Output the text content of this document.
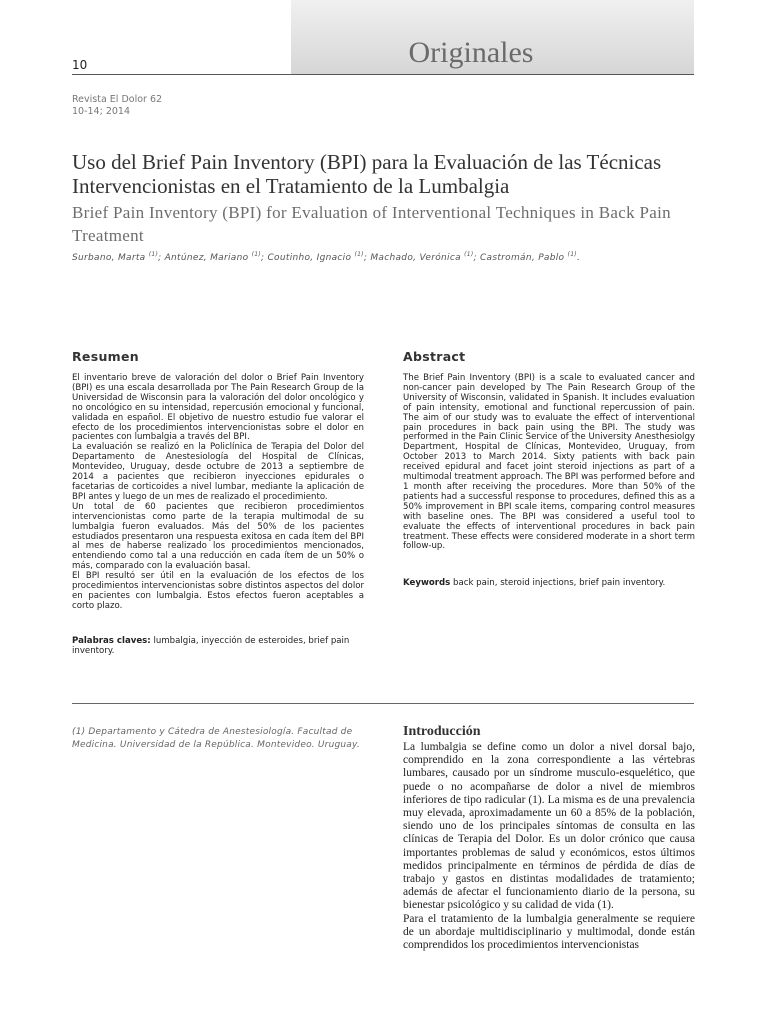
10	Originales
Revista El Dolor 62
10-14; 2014
Uso del Brief Pain Inventory (BPI) para la Evaluación de las Técnicas Intervencionistas en el Tratamiento de la Lumbalgia
Brief Pain Inventory (BPI) for Evaluation of Interventional Techniques in Back Pain Treatment
Surbano, Marta $^{(1)}$; Antúnez, Mariano $^{(1)}$; Coutinho, Ignacio $^{(1)}$; Machado, Verónica $^{(1)}$; Castromán, Pablo $^{(1)}$.
Resumen	Abstract

El inventario breve de valoración del dolor o Brief Pain Inventory (BPI) es una escala desarrollada por The Pain Research Group de la Universidad de Wisconsin para la valoración del dolor oncológico y no oncológico en su intensidad, repercusión emocional y funcional, validada en español. El objetivo de nuestro estudio fue valorar el efecto de los procedimientos intervencionistas sobre el dolor en pacientes con lumbalgia a través del BPI.

La evaluación se realizó en la Policlínica de Terapia del Dolor del Departamento de Anestesiología del Hospital de Clínicas, Montevideo, Uruguay, desde octubre de 2013 a septiembre de 2014 a pacientes que recibieron inyecciones epidurales o facetarias de corticoides a nivel lumbar, mediante la aplicación de BPI antes y luego de un mes de realizado el procedimiento.

Un total de 60 pacientes que recibieron procedimientos intervencionistas como parte de la terapia multimodal de su lumbalgia fueron evaluados. Más del 50% de los pacientes estudiados presentaron una respuesta exitosa en cada ítem del BPI al mes de haberse realizado los procedimientos mencionados, entendiendo como tal a una reducción en cada ítem de un 50% o más, comparado con la evaluación basal.

El BPI resultó ser útil en la evaluación de los efectos de los procedimientos intervencionistas sobre distintos aspectos del dolor en pacientes con lumbalgia. Estos efectos fueron aceptables a corto plazo.

Palabras claves: lumbalgia, inyección de esteroides, brief pain inventory.

The Brief Pain Inventory (BPI) is a scale to evaluated cancer and non-cancer pain developed by The Pain Research Group of the University of Wisconsin, validated in Spanish. It includes evaluation of pain intensity, emotional and functional repercussion of pain. The aim of our study was to evaluate the effect of interventional pain procedures in back pain using the BPI. The study was performed in the Pain Clinic Service of the University Anesthesiolgy Department, Hospital de Clínicas, Montevideo, Uruguay, from October 2013 to March 2014. Sixty patients with back pain received epidural and facet joint steroid injections as part of a multimodal treatment approach. The BPI was performed before and 1 month after receiving the procedures. More than 50% of the patients had a successful response to procedures, defined this as a 50% improvement in BPI scale items, comparing control measures with baseline ones. The BPI was considered a useful tool to evaluate the effects of interventional procedures in back pain treatment. These effects were considered moderate in a short term follow-up.

Keywords back pain, steroid injections, brief pain inventory.
(1) Departamento y Cátedra de Anestesiología. Facultad de Medicina. Universidad de la República. Montevideo. Uruguay.
Introducción

La lumbalgia se define como un dolor a nivel dorsal bajo, comprendido en la zona correspondiente a las vértebras lumbares, causado por un síndrome musculo-esquelético, que puede o no acompañarse de dolor a nivel de miembros inferiores de tipo radicular (1). La misma es de una prevalencia muy elevada, aproximadamente un 60 a 85% de la población, siendo uno de los principales síntomas de consulta en las clínicas de Terapia del Dolor. Es un dolor crónico que causa importantes problemas de salud y económicos, estos últimos medidos principalmente en términos de pérdida de días de trabajo y gastos en distintas modalidades de tratamiento; además de afectar el funcionamiento diario de la persona, su bienestar psicológico y su calidad de vida (1).

Para el tratamiento de la lumbalgia generalmente se requiere de un abordaje multidisciplinario y multimodal, donde están comprendidos los procedimientos intervencionistas
